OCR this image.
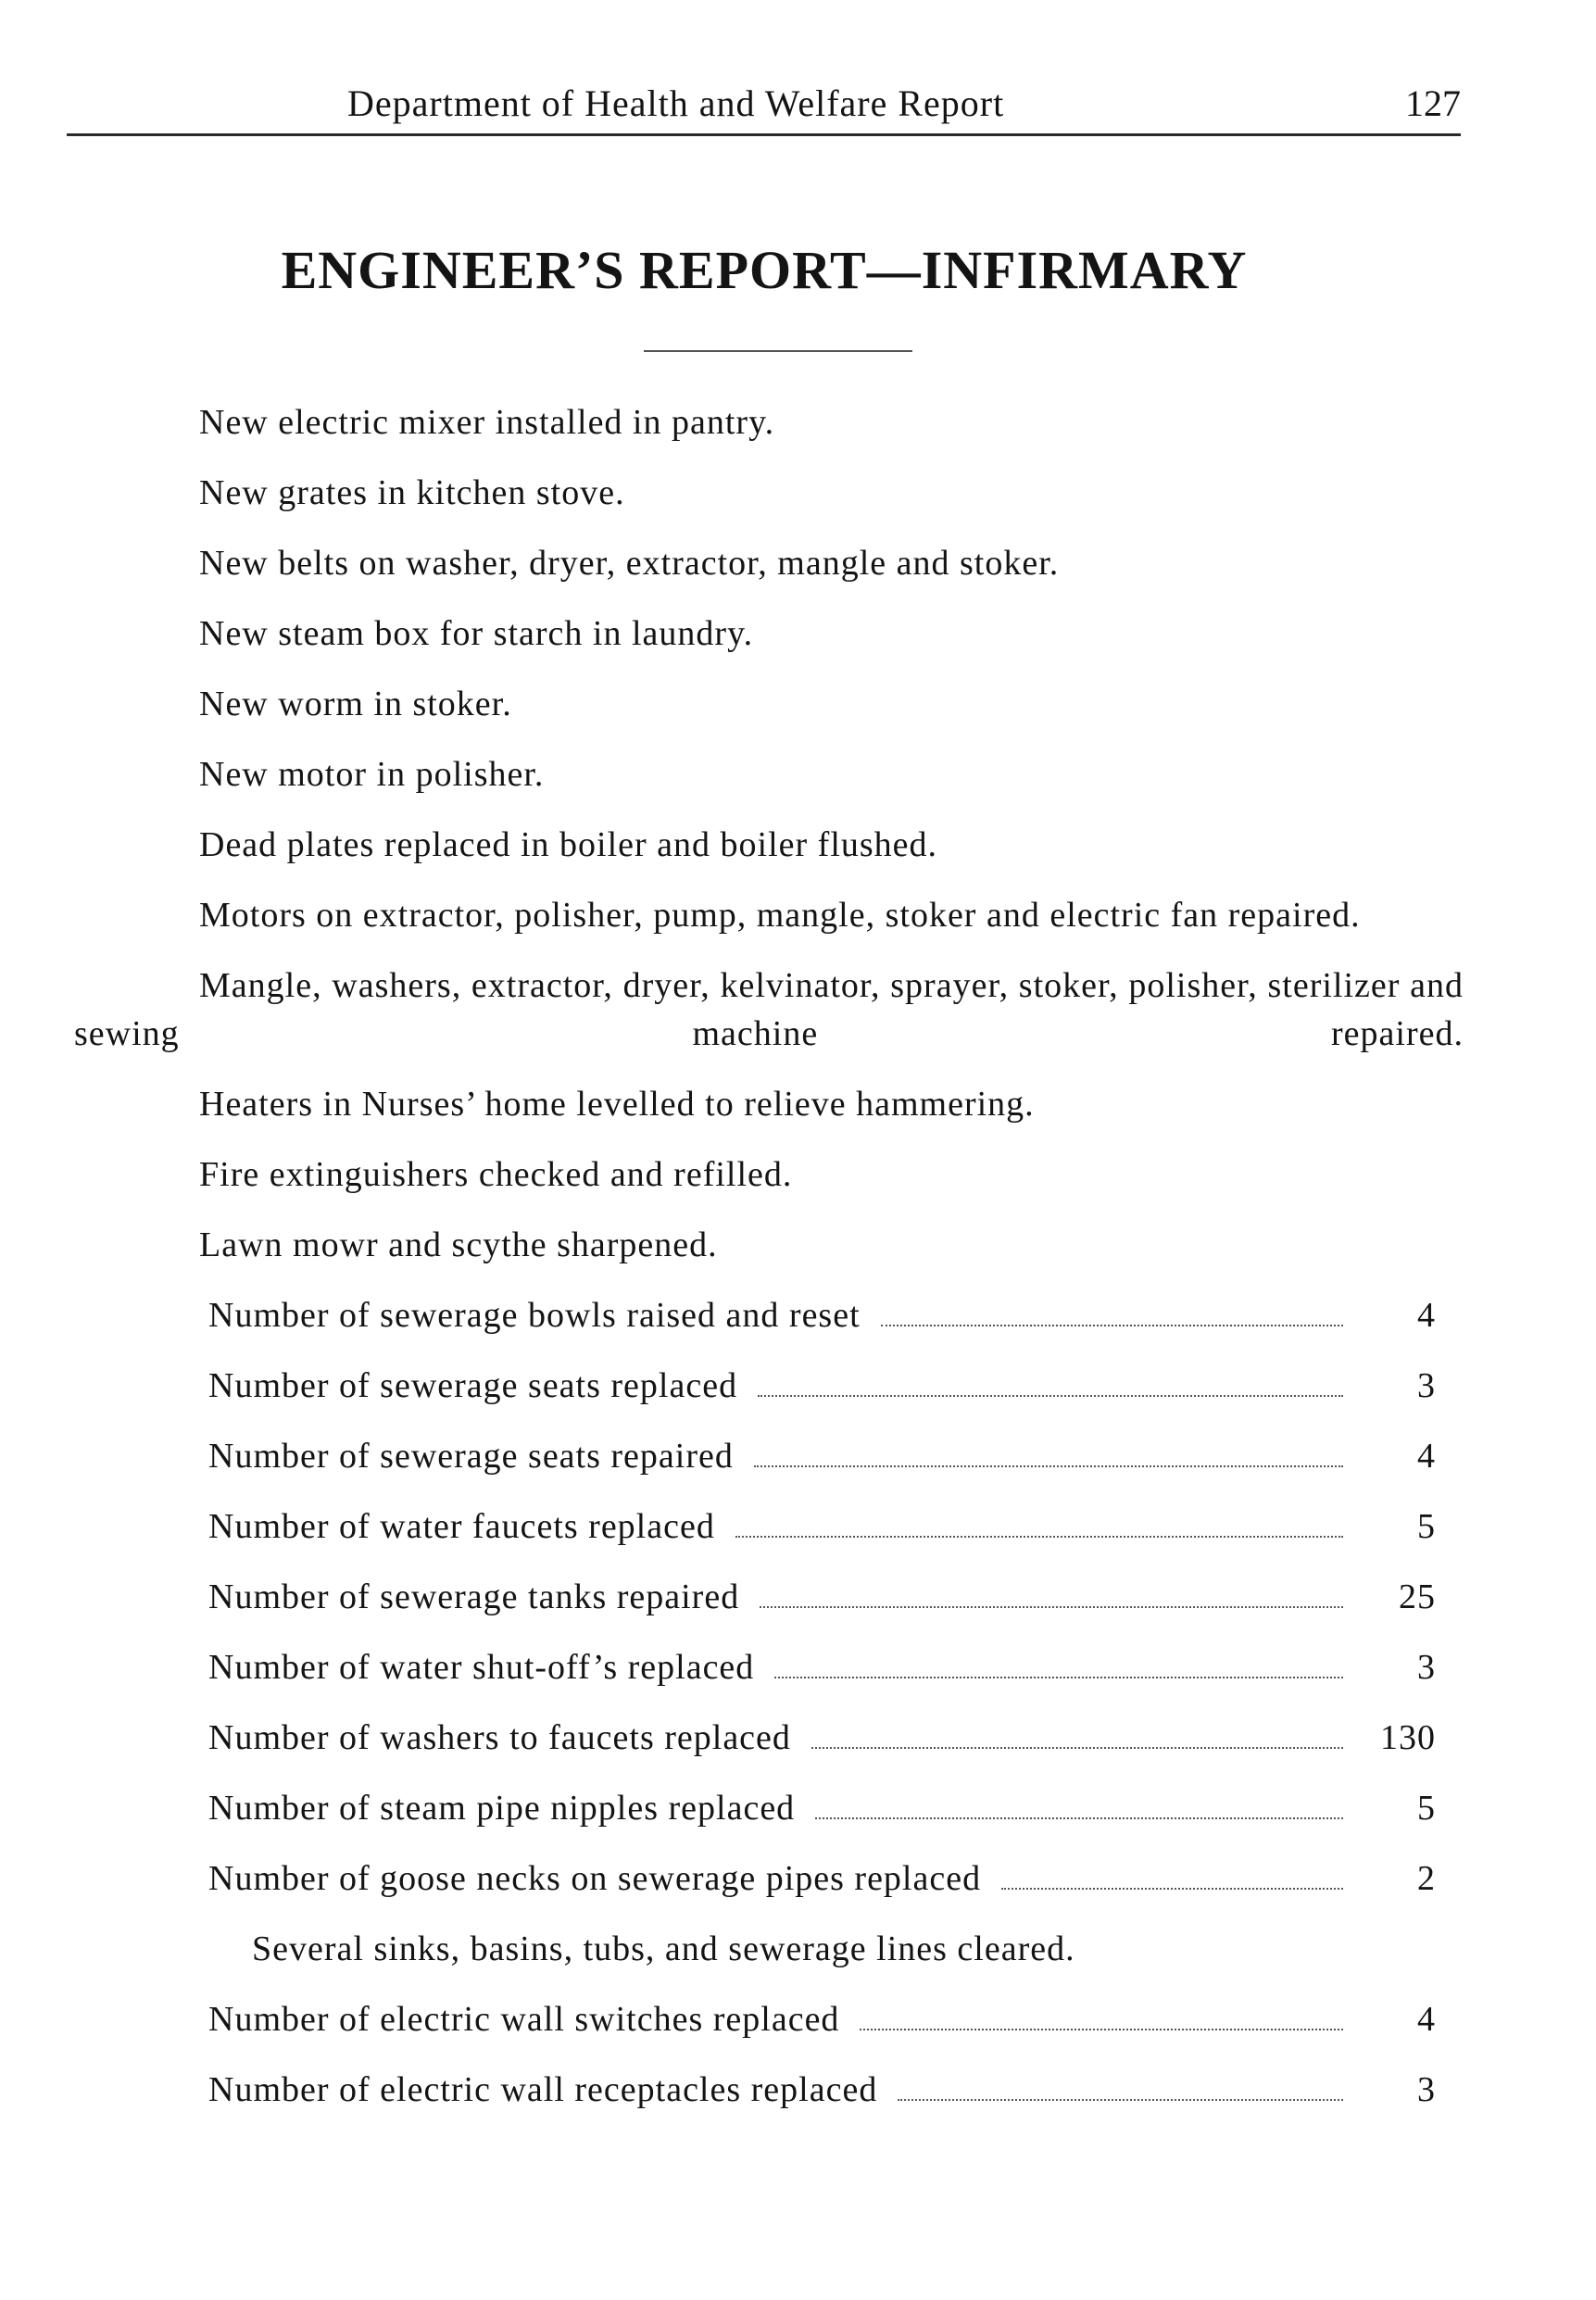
Department of Health and Welfare Report	127
ENGINEER’S REPORT—INFIRMARY

New electric mixer installed in pantry.

New grates in kitchen stove.

New belts on washer, dryer, extractor, mangle and stoker.

New steam box for starch in laundry.

New worm in stoker.

New motor in polisher.

Dead plates replaced in boiler and boiler flushed.

Motors on extractor, polisher, pump, mangle, stoker and electric fan repaired.

Mangle, washers, extractor, dryer, kelvinator, sprayer, stoker, polisher, sterilizer and sewing machine repaired.

Heaters in Nurses’ home levelled to relieve hammering.

Fire extinguishers checked and refilled.

Lawn mowr and scythe sharpened.

Number of sewerage bowls raised and reset	4
Number of sewerage seats replaced	3
Number of sewerage seats repaired	4
Number of water faucets replaced	5
Number of sewerage tanks repaired	25
Number of water shut-off’s replaced	3
Number of washers to faucets replaced	130
Number of steam pipe nipples replaced	5
Number of goose necks on sewerage pipes replaced	2
Several sinks, basins, tubs, and sewerage lines cleared.
Number of electric wall switches replaced	4
Number of electric wall receptacles replaced	3
